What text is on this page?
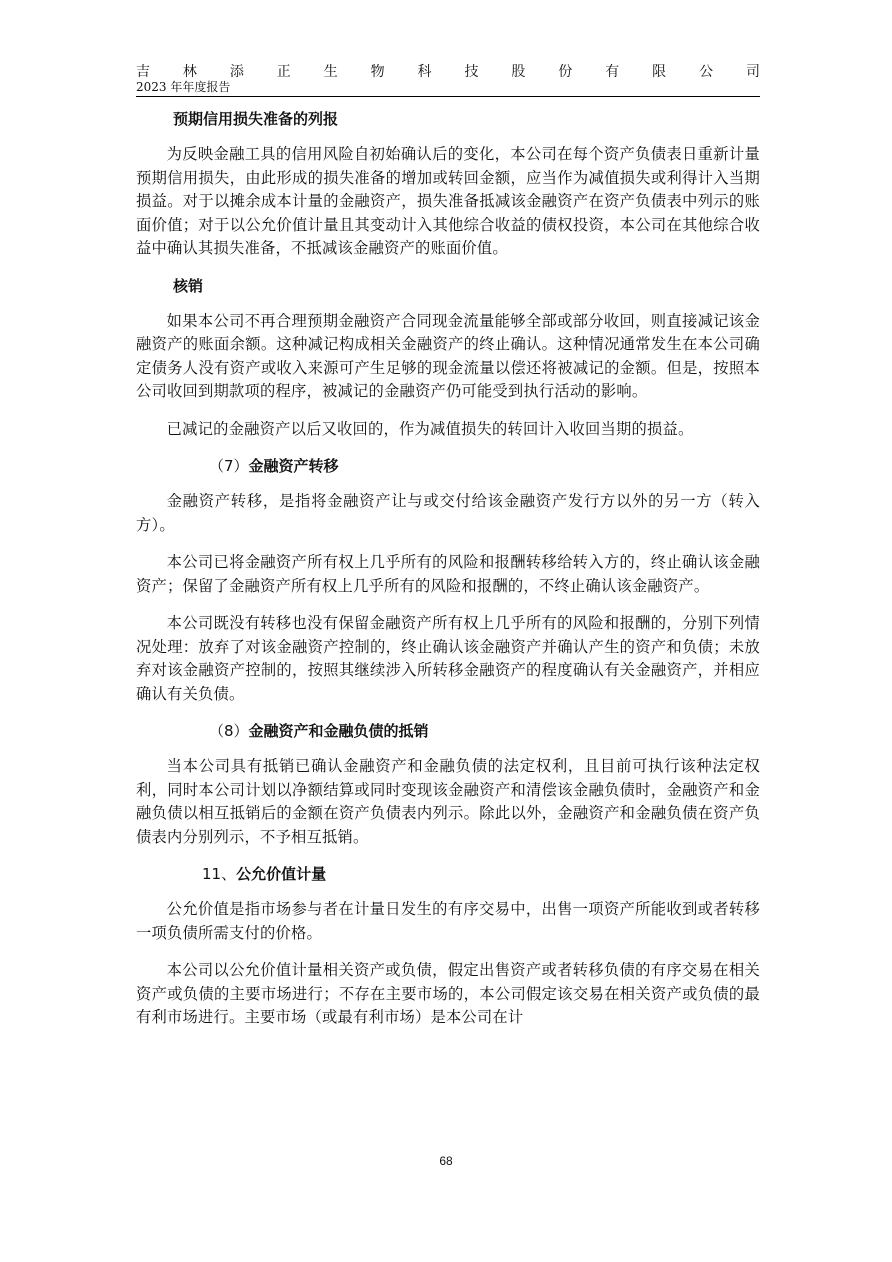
吉 林 添 正 生 物 科 技 股 份 有 限 公 司
2023 年年度报告
预期信用损失准备的列报

为反映金融工具的信用风险自初始确认后的变化，本公司在每个资产负债表日重新计量预期信用损失，由此形成的损失准备的增加或转回金额，应当作为减值损失或利得计入当期损益。对于以摊余成本计量的金融资产，损失准备抵减该金融资产在资产负债表中列示的账面价值；对于以公允价值计量且其变动计入其他综合收益的债权投资，本公司在其他综合收益中确认其损失准备，不抵减该金融资产的账面价值。

核销

如果本公司不再合理预期金融资产合同现金流量能够全部或部分收回，则直接减记该金融资产的账面余额。这种减记构成相关金融资产的终止确认。这种情况通常发生在本公司确定债务人没有资产或收入来源可产生足够的现金流量以偿还将被减记的金额。但是，按照本公司收回到期款项的程序，被减记的金融资产仍可能受到执行活动的影响。

已减记的金融资产以后又收回的，作为减值损失的转回计入收回当期的损益。

（7）金融资产转移

金融资产转移，是指将金融资产让与或交付给该金融资产发行方以外的另一方（转入方）。

本公司已将金融资产所有权上几乎所有的风险和报酬转移给转入方的，终止确认该金融资产；保留了金融资产所有权上几乎所有的风险和报酬的，不终止确认该金融资产。

本公司既没有转移也没有保留金融资产所有权上几乎所有的风险和报酬的，分别下列情况处理：放弃了对该金融资产控制的，终止确认该金融资产并确认产生的资产和负债；未放弃对该金融资产控制的，按照其继续涉入所转移金融资产的程度确认有关金融资产，并相应确认有关负债。

（8）金融资产和金融负债的抵销

当本公司具有抵销已确认金融资产和金融负债的法定权利，且目前可执行该种法定权利，同时本公司计划以净额结算或同时变现该金融资产和清偿该金融负债时，金融资产和金融负债以相互抵销后的金额在资产负债表内列示。除此以外，金融资产和金融负债在资产负债表内分别列示，不予相互抵销。

11、公允价值计量

公允价值是指市场参与者在计量日发生的有序交易中，出售一项资产所能收到或者转移一项负债所需支付的价格。

本公司以公允价值计量相关资产或负债，假定出售资产或者转移负债的有序交易在相关资产或负债的主要市场进行；不存在主要市场的，本公司假定该交易在相关资产或负债的最有利市场进行。主要市场（或最有利市场）是本公司在计

68
